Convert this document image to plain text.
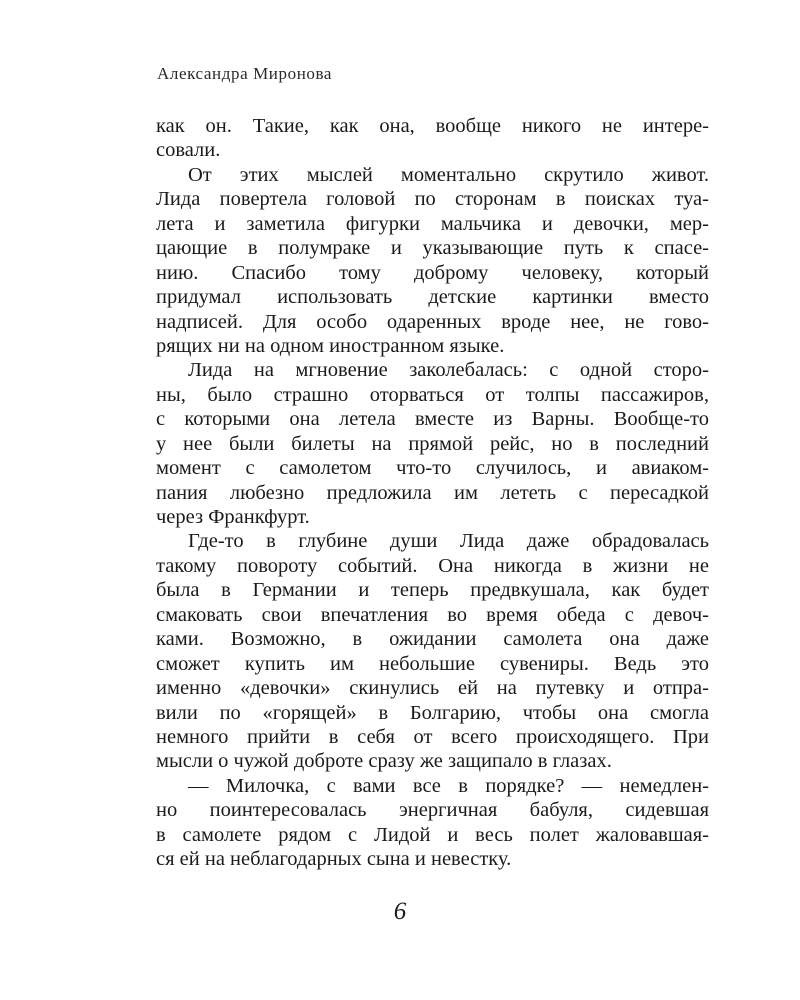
Александра Миронова
как он. Такие, как она, вообще никого не интере-
совали.
От этих мыслей моментально скрутило живот.
Лида повертела головой по сторонам в поисках туа-
лета и заметила фигурки мальчика и девочки, мер-
цающие в полумраке и указывающие путь к спасе-
нию. Спасибо тому доброму человеку, который
придумал использовать детские картинки вместо
надписей. Для особо одаренных вроде нее, не гово-
рящих ни на одном иностранном языке.
Лида на мгновение заколебалась: с одной сторо-
ны, было страшно оторваться от толпы пассажиров,
с которыми она летела вместе из Варны. Вообще-то
у нее были билеты на прямой рейс, но в последний
момент с самолетом что-то случилось, и авиаком-
пания любезно предложила им лететь с пересадкой
через Франкфурт.
Где-то в глубине души Лида даже обрадовалась
такому повороту событий. Она никогда в жизни не
была в Германии и теперь предвкушала, как будет
смаковать свои впечатления во время обеда с девоч-
ками. Возможно, в ожидании самолета она даже
сможет купить им небольшие сувениры. Ведь это
именно «девочки» скинулись ей на путевку и отпра-
вили по «горящей» в Болгарию, чтобы она смогла
немного прийти в себя от всего происходящего. При
мысли о чужой доброте сразу же защипало в глазах.
— Милочка, с вами все в порядке? — немедлен-
но поинтересовалась энергичная бабуля, сидевшая
в самолете рядом с Лидой и весь полет жаловавшая-
ся ей на неблагодарных сына и невестку.
6
